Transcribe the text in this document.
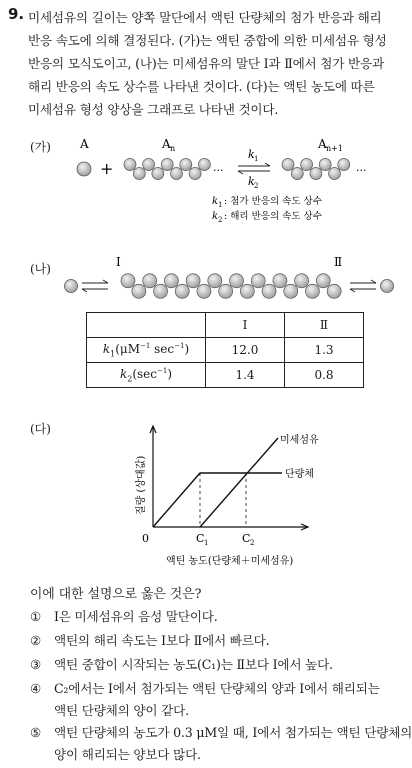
9. 미세섬유의 길이는 양쪽 말단에서 액틴 단량체의 첨가 반응과 해리
반응 속도에 의해 결정된다. (가)는 액틴 중합에 의한 미세섬유 형성
반응의 모식도이고, (나)는 미세섬유의 말단 Ⅰ과 Ⅱ에서 첨가 반응과
해리 반응의 속도 상수를 나타낸 것이다. (다)는 액틴 농도에 따른
미세섬유 형성 양상을 그래프로 나타낸 것이다.
(가) A
+
A n
···
k 1
k 2
A n+1
···
k 1 : 첨가 반응의 속도 상수
k 2 : 해리 반응의 속도 상수
(나)	Ⅰ	Ⅱ
	Ⅰ	Ⅱ
$k_1(\mu M^{-1}$ $\sec^{-1}$)	12.0	1.3
$k_2(\sec^{-1})$	1.4	0.8
(다)
질량 (상대값)
0	C 1	C 2
액틴 농도(단량체＋미세섬유)
미세섬유
단량체
이에 대한 설명으로 옳은 것은?
① Ⅰ은 미세섬유의 음성 말단이다.
② 액틴의 해리 속도는 Ⅰ보다 Ⅱ에서 빠르다.
③ 액틴 중합이 시작되는 농도(C₁)는 Ⅱ보다 Ⅰ에서 높다.
④ C₂에서는 Ⅰ에서 첨가되는 액틴 단량체의 양과 Ⅰ에서 해리되는
액틴 단량체의 양이 같다.
⑤ 액틴 단량체의 농도가 0.3 μM일 때, Ⅰ에서 첨가되는 액틴 단량체의
양이 해리되는 양보다 많다.
